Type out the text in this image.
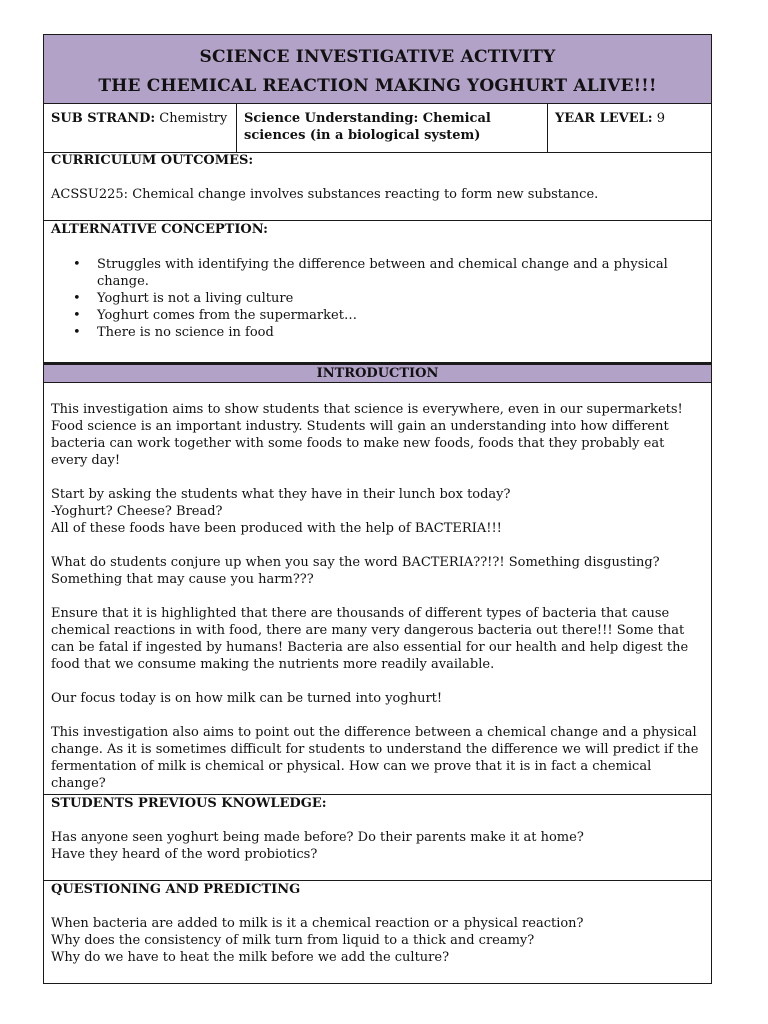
SCIENCE INVESTIGATIVE ACTIVITY
THE CHEMICAL REACTION MAKING YOGHURT ALIVE!!!
SUB STRAND: Chemistry	Science Understanding: Chemical sciences (in a biological system)
YEAR LEVEL: 9

CURRICULUM OUTCOMES:

ACSSU225: Chemical change involves substances reacting to form new substance.

ALTERNATIVE CONCEPTION:

• Struggles with identifying the difference between and chemical change and a physical change.
• Yoghurt is not a living culture
• Yoghurt comes from the supermarket…
• There is no science in food
INTRODUCTION

This investigation aims to show students that science is everywhere, even in our supermarkets! Food science is an important industry. Students will gain an understanding into how different bacteria can work together with some foods to make new foods, foods that they probably eat every day!

Start by asking the students what they have in their lunch box today?
-Yoghurt? Cheese? Bread?
All of these foods have been produced with the help of BACTERIA!!!

What do students conjure up when you say the word BACTERIA??!?! Something disgusting? Something that may cause you harm???

Ensure that it is highlighted that there are thousands of different types of bacteria that cause chemical reactions in with food, there are many very dangerous bacteria out there!!! Some that can be fatal if ingested by humans! Bacteria are also essential for our health and help digest the food that we consume making the nutrients more readily available.

Our focus today is on how milk can be turned into yoghurt!

This investigation also aims to point out the difference between a chemical change and a physical change. As it is sometimes difficult for students to understand the difference we will predict if the fermentation of milk is chemical or physical. How can we prove that it is in fact a chemical change?

STUDENTS PREVIOUS KNOWLEDGE:

Has anyone seen yoghurt being made before? Do their parents make it at home?
Have they heard of the word probiotics?

QUESTIONING AND PREDICTING

When bacteria are added to milk is it a chemical reaction or a physical reaction?
Why does the consistency of milk turn from liquid to a thick and creamy?
Why do we have to heat the milk before we add the culture?
